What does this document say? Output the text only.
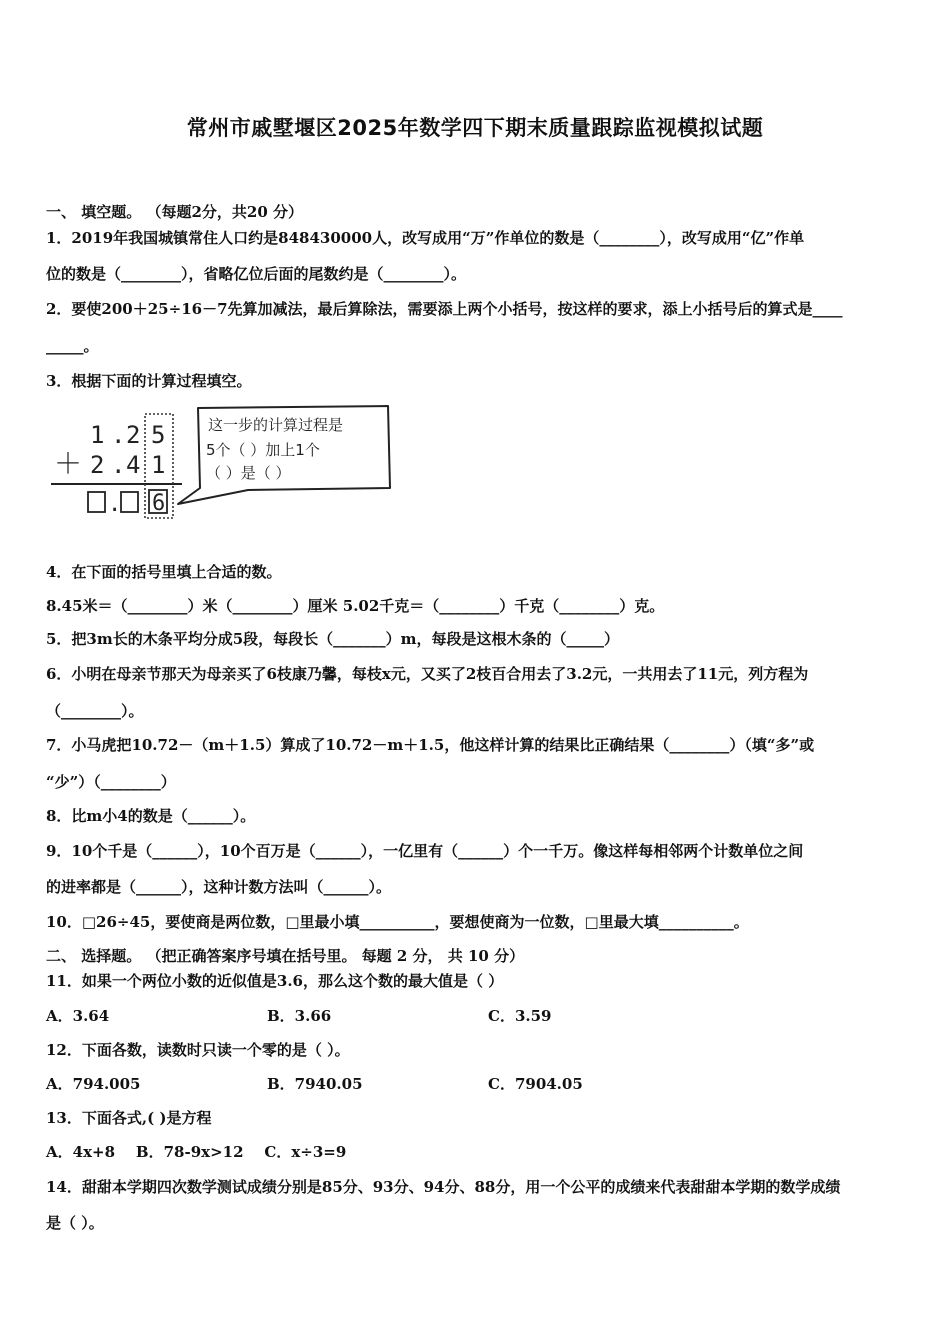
常州市戚墅堰区2025年数学四下期末质量跟踪监视模拟试题
一、 填空题。 （每题2分，共20 分）
1．2019年我国城镇常住人口约是848430000人，改写成用“万”作单位的数是（________），改写成用“亿”作单
位的数是（________），省略亿位后面的尾数约是（________）。
2．要使200＋25÷16－7先算加减法，最后算除法，需要添上两个小括号，按这样的要求，添上小括号后的算式是____
_____。
3．根据下面的计算过程填空。
1 . 2 5
＋ 2 . 4 1
. 6
这一步的计算过程是
5个（ ）加上1个
（ ）是（ ）
4．在下面的括号里填上合适的数。
8.45米＝（________）米（________）厘米 5.02千克＝（________）千克（________）克。
5．把3m长的木条平均分成5段，每段长（_______）m，每段是这根木条的（_____）
6．小明在母亲节那天为母亲买了6枝康乃馨，每枝x元，又买了2枝百合用去了3.2元，一共用去了11元，列方程为
（________）。
7．小马虎把10.72－（m＋1.5）算成了10.72－m＋1.5，他这样计算的结果比正确结果（________）（填“多”或
“少”）（________）
8．比m小4的数是（______）。
9．10个千是（______），10个百万是（______），一亿里有（______）个一千万。像这样每相邻两个计数单位之间
的进率都是（______），这种计数方法叫（______）。
10．□26÷45，要使商是两位数，□里最小填__________，要想使商为一位数，□里最大填__________。
二、 选择题。 （把正确答案序号填在括号里。 每题 2 分， 共 10 分）
11．如果一个两位小数的近似值是3.6，那么这个数的最大值是（ ）
A．3.64	B．3.66	C．3.59
12．下面各数，读数时只读一个零的是（ ）。
A．794.005	B．7940.05	C．7904.05
13．下面各式,( )是方程
A．4x+8    B．78-9x>12    C．x÷3=9
14．甜甜本学期四次数学测试成绩分别是85分、93分、94分、88分，用一个公平的成绩来代表甜甜本学期的数学成绩
是（ ）。
